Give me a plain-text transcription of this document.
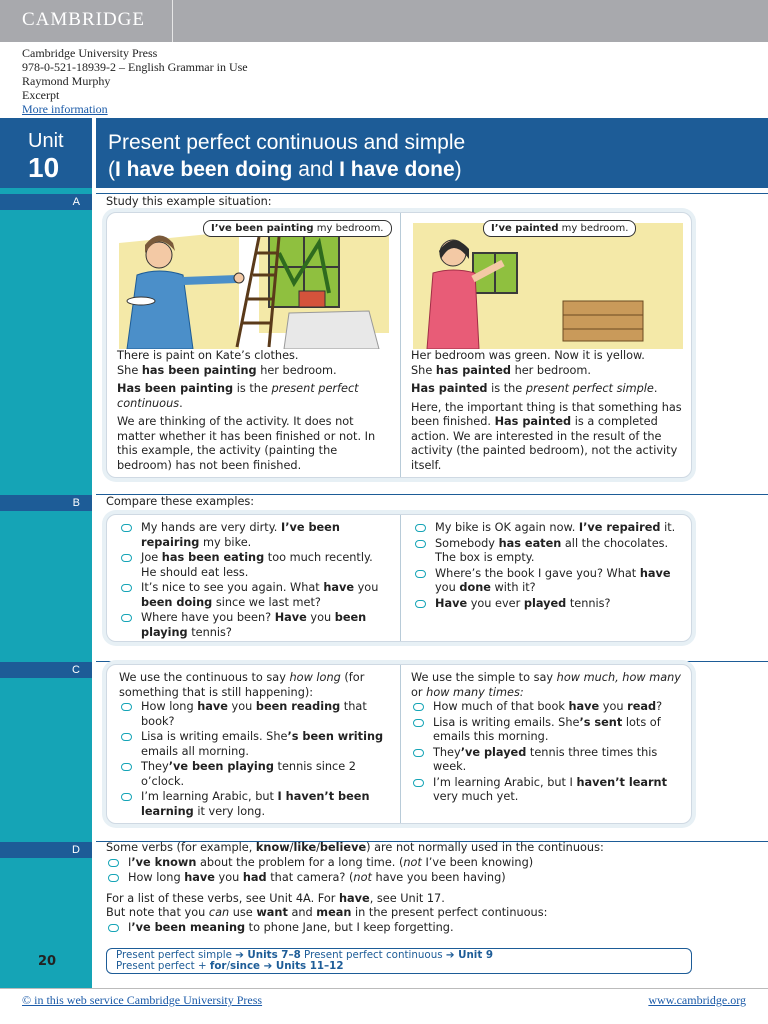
CAMBRIDGE
Cambridge University Press
978-0-521-18939-2 – English Grammar in Use
Raymond Murphy
Excerpt
More information
Unit
10
Present perfect continuous and simple
(I have been doing and I have done)
A	Study this example situation:
I’ve been painting my bedroom.
There is paint on Kate’s clothes.

She has been painting her bedroom.

Has been painting is the present perfect continuous.

We are thinking of the activity. It does not matter whether it has been finished or not. In this example, the activity (painting the bedroom) has not been finished.

I’ve painted my bedroom.
Her bedroom was green. Now it is yellow.

She has painted her bedroom.

Has painted is the present perfect simple.

Here, the important thing is that something has been finished. Has painted is a completed action. We are interested in the result of the activity (the painted bedroom), not the activity itself.

B	Compare these examples:
My hands are very dirty. I’ve been repairing my bike.
Joe has been eating too much recently. He should eat less.
It’s nice to see you again. What have you been doing since we last met?
Where have you been? Have you been playing tennis?
My bike is OK again now. I’ve repaired it.
Somebody has eaten all the chocolates. The box is empty.
Where’s the book I gave you? What have you done with it?
Have you ever played tennis?
C
We use the continuous to say how long (for something that is still happening):
How long have you been reading that book?
Lisa is writing emails. She’s been writing emails all morning.
They’ve been playing tennis since 2 o’clock.
I’m learning Arabic, but I haven’t been learning it very long.
We use the simple to say how much, how many or how many times:
How much of that book have you read?
Lisa is writing emails. She’s sent lots of emails this morning.
They’ve played tennis three times this week.
I’m learning Arabic, but I haven’t learnt very much yet.
D	Some verbs (for example, know/like/believe) are not normally used in the continuous:
I’ve known about the problem for a long time. (not I’ve been knowing)
How long have you had that camera? (not have you been having)
For a list of these verbs, see Unit 4A. For have, see Unit 17.
But note that you can use want and mean in the present perfect continuous:
I’ve been meaning to phone Jane, but I keep forgetting.
Present perfect simple ➔ Units 7–8 Present perfect continuous ➔ Unit 9
Present perfect + for/since ➔ Units 11–12
20
© in this web service Cambridge University Press	www.cambridge.org
